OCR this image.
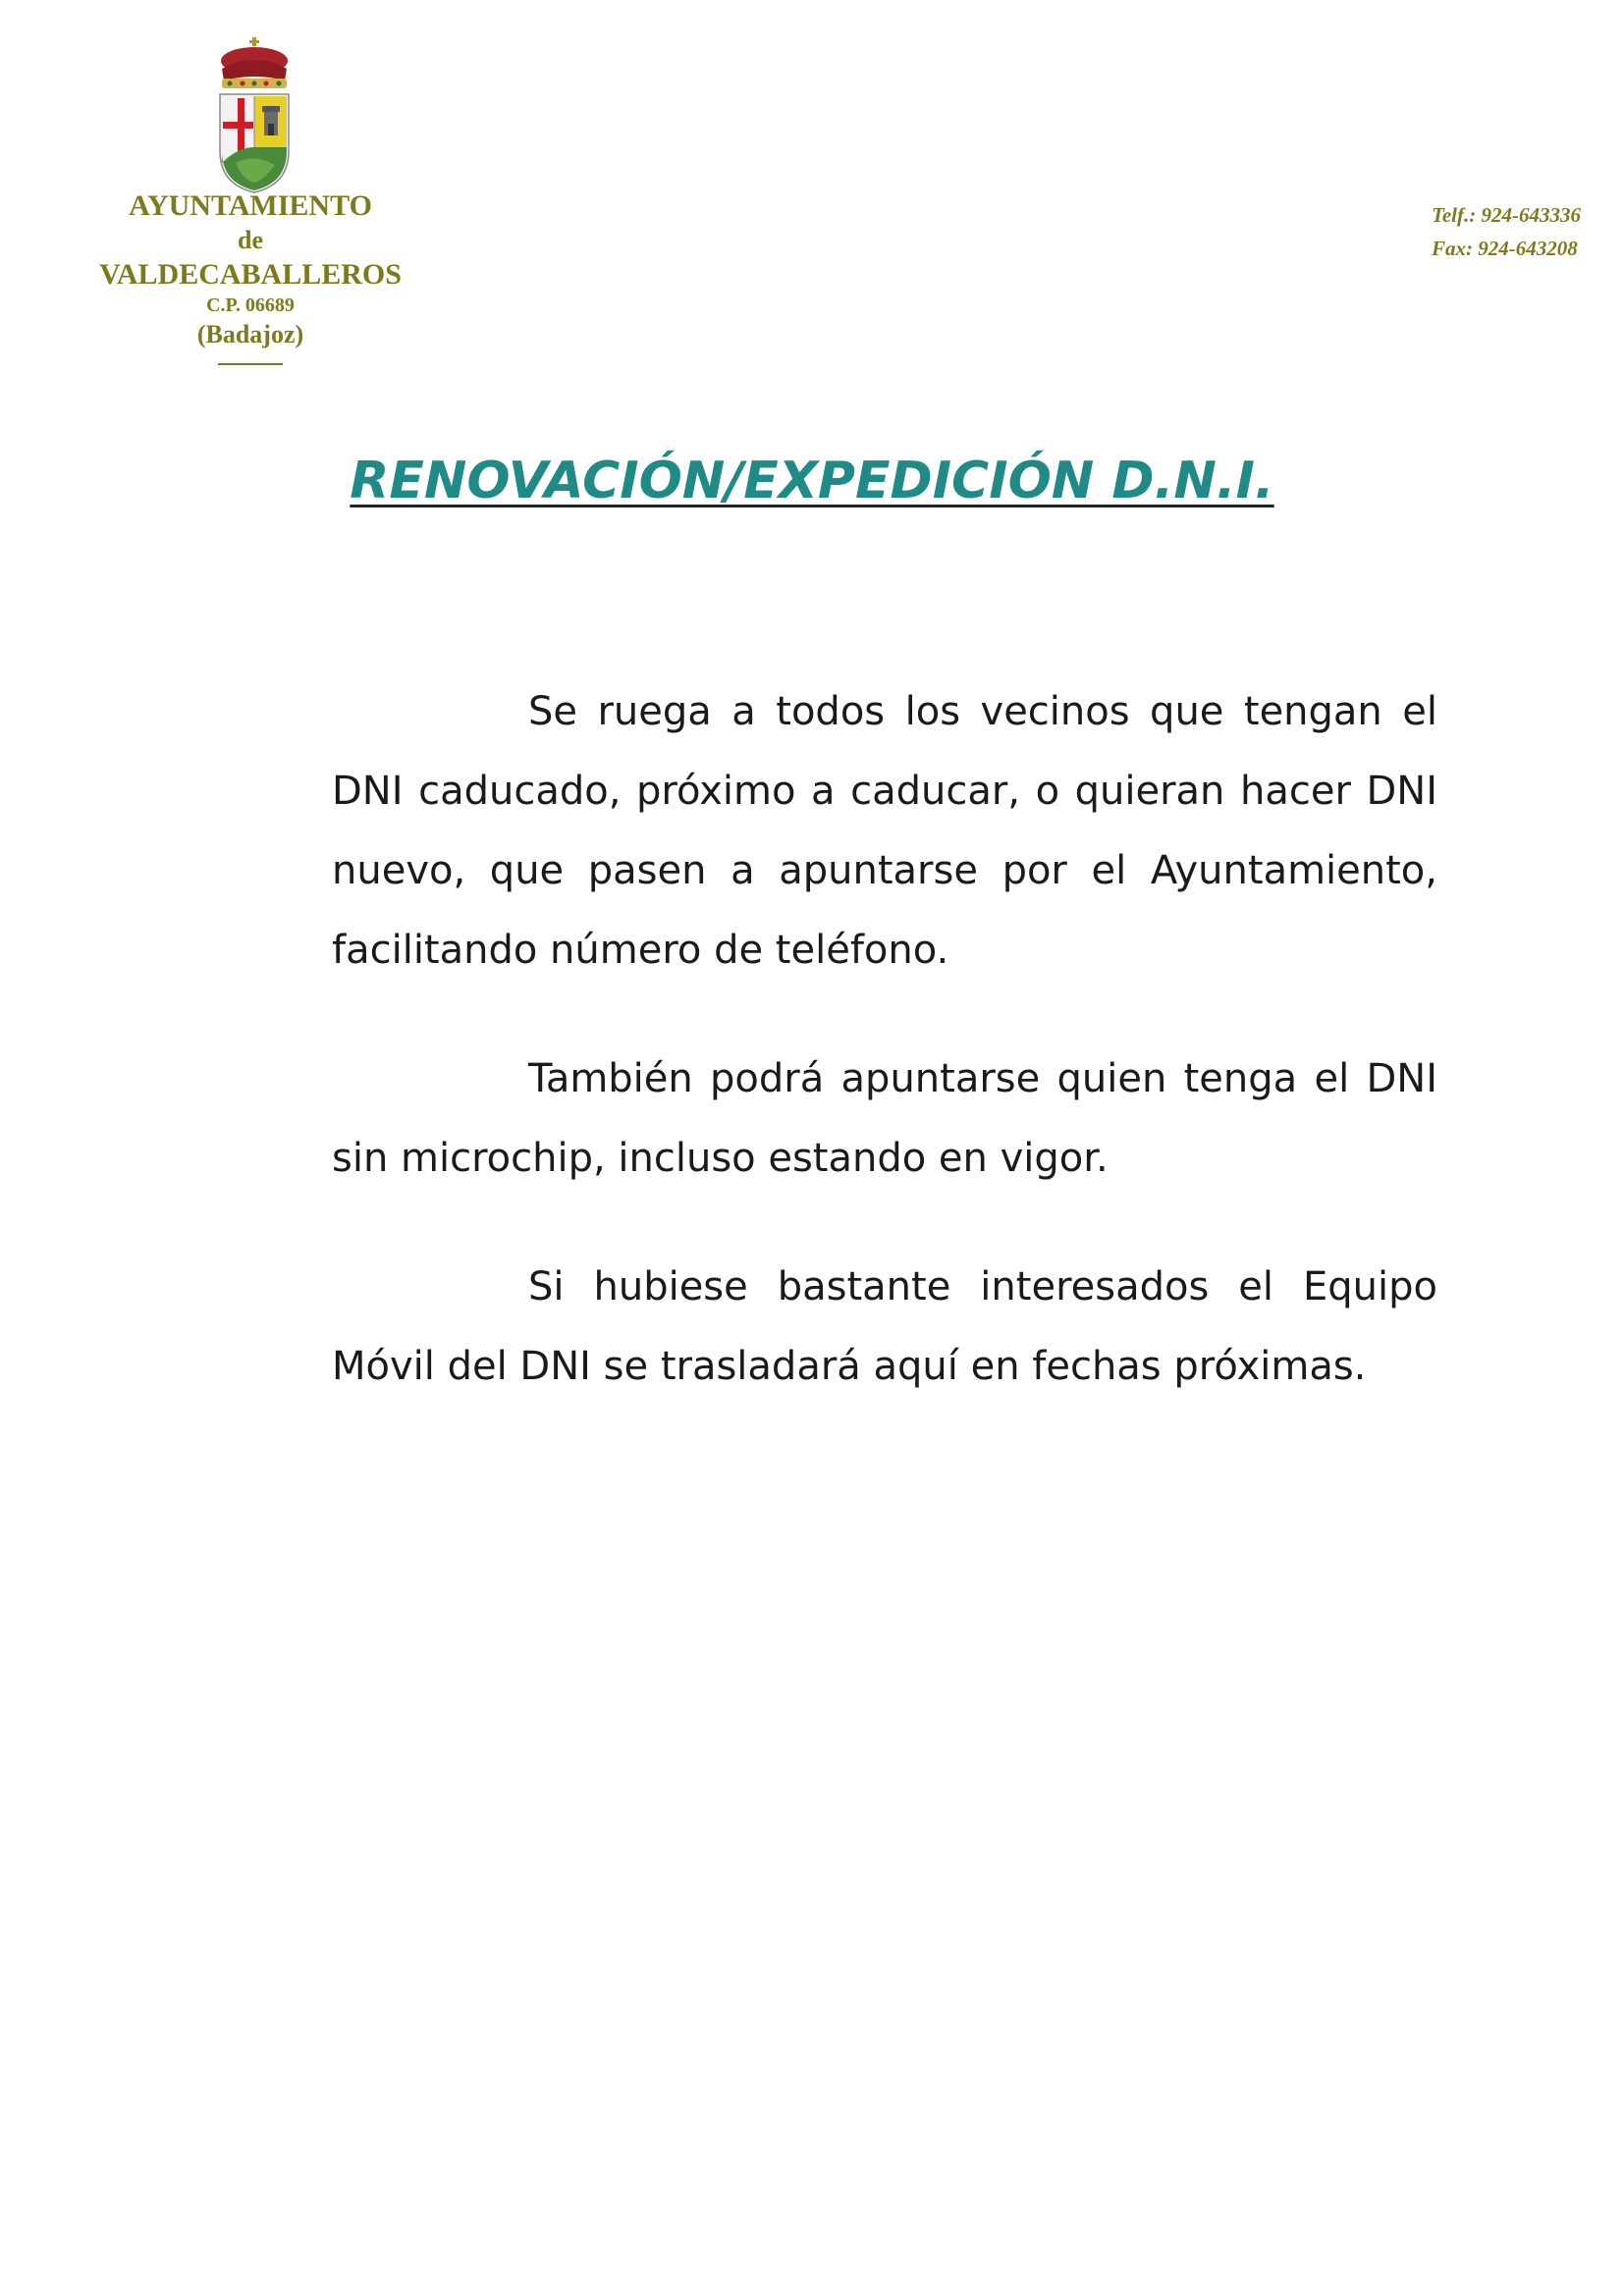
AYUNTAMIENTO
de
VALDECABALLEROS
C.P. 06689
(Badajoz)
Telf.: 924-643336
Fax: 924-643208
RENOVACIÓN/EXPEDICIÓN D.N.I.

Se ruega a todos los vecinos que tengan el DNI caducado, próximo a caducar, o quieran hacer DNI nuevo, que pasen a apuntarse por el Ayuntamiento, facilitando número de teléfono.

También podrá apuntarse quien tenga el DNI sin microchip, incluso estando en vigor.

Si hubiese bastante interesados el Equipo Móvil del DNI se trasladará aquí en fechas próximas.
